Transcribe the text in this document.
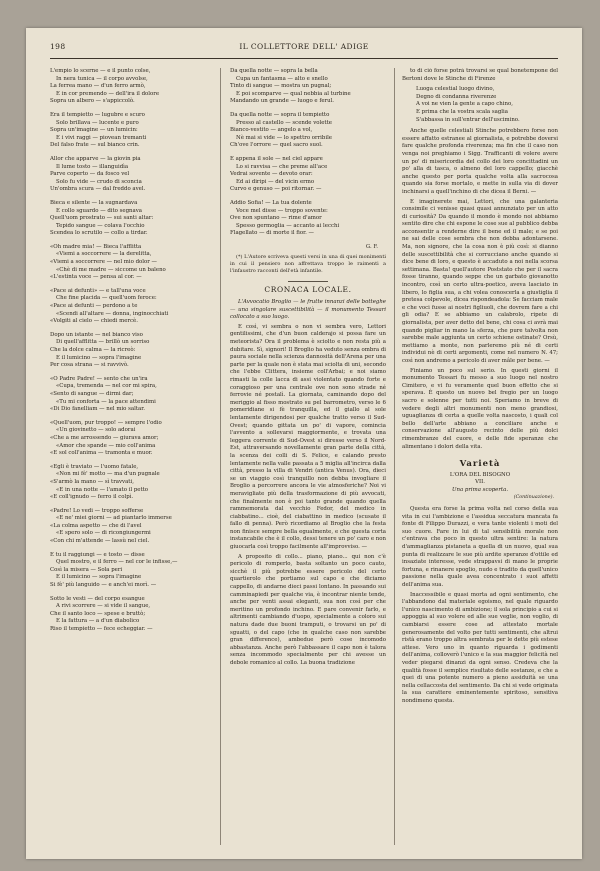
198	IL COLLETTORE DELL' ADIGE
L'empio lo scerne — e il punto colse,
In nera tunica — il corpo avvolse,
La ferrea mano — d'un ferro armò,
E in cor premendo — dell'ira il dolore
Sopra un albero — s'appiccolò.
Era il tempietto — lugubre e scuro
Solo brillava — lucente e puro
Sopra un'imagine — un lumicin:
E i vivi raggi — piovean tremanti
Del falso frate — sul bianco crin.
Allor che apparve — la giovin pia
Il lume tosto — illanguidìa
Parve coperto — da fosco vel
Solo fu vide — crudo di sconcia
Un'ombra scura — dal freddo avel.
Bieca e silente — la sugnardava
E collo sguardo — dito segnava
Quell'uom prostrato — sui santi altar:
Tepido sangue — colava l'occhio
Scendea lo scrutilo — collo a tirdar.
«Oh madre mia! — Bieca l'afflitta
«Viemi a soccorrere — la derelitta,
«Viemi a soccorrere — nel mio dolor —
«Chè di me madre — siccome un baleno
«L'estinta voce — pensa al cor. —
«Pace ai defunti» — e tall'una voce
Che fine placida — quell'uom feroce:
«Pace ai defunti — perdono a te
«Scendi all'altare — donna, inginocchiati
«Volgiti al cielo — chiedi mercè.
Dopo un istante — nel bianco viso
Di quell'afflitta — brillò un sorriso
Che la dolce calma — la ricreò:
E il lumicino — sopra l'imagine
Per cosa strana — si ravvivò.
«O Padre Padre! — sento che un'ira
«Cupa, tremenda — nel cor mi spira,
«Sento di sangue — dirmi dar;
«Tu mi conforta — la pace attendimi
«Di Dio fanelliam — nel mio saltar.
«Quell'uom, pur troppo! — sempre l'odio
«Un giovinetto — solo adorai
«Che a me arrossendo — giurava amor;
«Amor che spande — mio coll'anima
«E sol coll'anima — tramonta e muor.
«Egli è traviato — l'uomo fatale,
«Non mi fè' motto — ma d'un pugnale
«S'armò la mano — sì travvati,
«E in una notte — l'amato il petto
«E coll'ignudo — ferro il colpì.
«Padre! Lo vedi — troppo sofferse
«E ne' miei giorni — ad piantarlo immerse
«La colma aspetto — che di l'avel
«E spero solo — di ricongiungermi
«Con chi m'attende — lassù nel ciel.
E tu il raggiungi — e tosto — disse
Quel mostro, e il ferro — nel cor le infisse,—
Così la misera — Sola peri
E il lumicino — sopra l'imagine
Si fè' più languido — e anch'ei morì. —
Sotto le vesti — del corpo esangue
A rivi scorrere — si vide il sangue,
Che il santo loco — spese e bruttò;
E la fattura — a d'un diabolico
Riso il tempietto — fece echeggiar. —
Da quella notte — sopra la bella
Cupa un fantasma — alto e snello
Tinto di sangue — mostra un pugnal;
E poi scomparve — qual nebbia al turbine
Mandando un grande — luogo e ferul.
Da quella notte — sopra il tempietto
Presso al castello — scende volette
Bianco-vestito — angelo a vol,
Nè mai si vide — lo spettro orribile
Ch'ove l'orrore — quel sacro suol.
E appena il sole — nel ciel appare
Lo si ravvisa — che preme all'ace
Vedrai sovente — devoto orar:
Ed ai diripi — del vicin ermo
Curvo e genuso — poi ritornar. —
Addio Sofia! — La tua dolente
Voce mel disse — troppo sovente:
Ove non spuntano — rime d'amor
Spesso germoglia — accanto ai lecchi
Flagellato — di morte il fior. —
G. F.
(*) L'Autore scriveva questi versi in una di quei monimenti in cui il pensiero non affrettava troppo le raimenti a l'infaustro racconti dell'età infantile.
CRONACA LOCALE.
L'Avvocatio Broglio — le frutte innanzi delle botteghe — una singolare suscettibilità — il monumento Tessari collocato a suo luogo.
E così, vi sembra o non vi sembra vero, Lettori gentilissimi, che d'un buon calderajo si possa fare un meteorista? Ora il problema è sciolto e non resta più a dubitare. Sì, signori! Il Broglio ha veduto senza ombra di paura sociale nella scienza dannosità dell'Arena per una parte per la quale non è stata mai sciolta di uni, secondo che l'ebbe Clittera, insieme coll'Arbai; e noi siamo rimasti la colle lacca di assi violentato quando forte e coraggioso per una centrale ove non sono strade né ferrovie né postalì. La giornata, caminando dopo del meriggio al fisso mostrato su pel barrometro, verso le 6 pomeridiane si fè tranquilla, ed il giallo al sole lentamente dirigendosi per qualche tratto verso il Sud-Ovest; quando gittata un po' di vapore, comincia l'avvento a sollevarsi maggiormente, e trovata una leggera corrente di Sud-Ovest si diresse verso il Nord-Est, attraversando novellamente gran parte della città, la scenza dei colli di S. Felice, e calando presto lentamente nella valle passata a 5 miglia all'incirca dalla città, presso la villa di Vendri (antica Venus). Ora, dieci se un viaggio così tranquillo non debba invogliare il Broglio a percorrere ancora le vie atmosferiche? Noi vi meravigliate più della trasformazione di più avvocati, che finalmente non è poi tanto grande quando quella rammemorata dal vecchio Fedor, del medico in ciabbatino... cioè, del ciabattino in medico (scusate il fallo di penna). Però ricordiamo al Broglio che la festa non finisce sempre bella egualmente, e che questa corta instancabile che è il collo, dessi tenere un po' caro e non giuocarla così troppo facilmente all'improvviso. —
A proposito di collo... piano, piano... qui non c'è pericolo di romperlo, basta soltanto un poco cauto, sicchè il più potrebbe essere pericolo del certo quartierolo che portiamo sul capo e che diciamo cappello, di andarne dieci passi lontano. In passando sui camminapiedi per qualche via, è incontrar niente tende, anche per venti assai eleganti, sua non così per che meritino un profondo inchino. E pare convenir farlo, e altrimenti cambiando d'uopo, specialmente a coloro sui natura dade due buoni tramputi, o trovarsi un po' di sguatti, o del capo (che in qualche caso non sarebbe gran difference), ambedue però cose incomodo abbastanza. Anche però l'abbassare il capo non è talora senza incommodo specialmente per chi avesse un debole romanico al collo. La buona tradizione
to di ciò forse potrà trovarsi se qual bonetempone del Bertoni dove le Stinche di Firenze
Luoga celestial luogo divino,
Degno di condanna riverenze
A voi ne vien la gente a capo chino,
E prima che la vostra scala saglia
S'abbassa in sull'entrar dell'uscimino.
Anche quelle celestiali Stinche potrebbero forse non essere affatto estranee al giornalista, e potrebbe doversi fare qualche profonda riverenza; ma fin che il caso non venga noi preghiamo i Sigg. Trafficanti di volere avere un po' di misericordia del collo dei loro concittadini un po' alla di tasca, o almeno del loro cappello; giacchè anche questo per porta qualche volta alla sacrocosa quando sia forse mortalo, e mette in sulla via di dover inchinarsi a quell'inchino di che dicea il Berni. —
E imaginerete mai, Lettori, che una galanteria consimile ci venisse quasi quasi annunziato per un atto di curiosità? Da quando il mondo è mondo noi abbiamo sentito dire che chi espone le cose sue al pubblico debba acconsentir a renderne dire il bene ed il male; e se poi ne sai delle cose sembra che non debba adontarsene. Ma, non signore, che la cosa non è più così: si dianno delle suscettibilità che si corrucciano anche quando si dice bene di loro, e questo è accaduto a noi nella scorsa settimana. Basta! quell'autore Poststato che per il sacra fosse tiranno, quando seppe che un garbato giovanotto incontro, così un certo ultra-poetico, aveva lasciato in libero, lo figlia sua, a chi volea conoscerla a giustiglia il pretesa colpevole, dicea rispondeadola: Se facciam male e che voci fusse ai nostri figliuoli, che dovrem fare a chi gli odia? E se abbiamo un calabrolo, ripete di giornalista, per aver detto del bene, chi cosa ci avrà mai quando pigliar in mano la sferza, che pure talvolta non sarebbe male aggiunta un certo schiene ostinate? Orsù, mettiamo a monte, non parleremo più né di certi individui nè di certi argomenti, come nel numero N. 47; così non andremo a pericolo di aver mâle per bene. —
Finiamo un poco sul serio. In questi giorni il monumento Tessari fu messo a suo luogo nel nostro Cimitero, e vi fu veramente quel buon effetto che si sperava. È questo un nuovo bel fregio per un luogo sacro e solenne per tutti noi. Speriamo in breve di vedere degli altri monumenti non meno grandiosi, uguaglianza di certa a quelle volta nascosto, i quali col bello dell'arte abbiano a conciliare anche e conservazione all'augusto recinto delle più dolci rimembranze del cuore, e delle fide speranze che alimentano i dolori della vita.
Varietà
L'ORA DEL BISOGNO
VII.
Una prima scoperta.
(Continuazione).
Questa era forse la prima volta nel corso della sua vita in cui l'ambizione e l'assidua seccatura mancata fa fonte di Filippo Durazzi, e vera tante violenti i moti del suo cuore. Fare in lui di tal sensibilità morale non c'entrava che poco in questo ultra sentire: la natura d'ammaglianza pistaneta a quella di un nuovo, qual sua punta di realizzare le sue più ardite speranze d'ottile ed insaziate interesse, vede strappavsi di mano le proprie fortuna, e rinanere spoglio, nudo e tradito da quell'unico passione nella quale avea concentrato i suoi affetti dell'anima sua.
Inaccessibile e quasi morta ad ogni sentimento, che l'abbandono dal materiale egoismo, nel quale riguardo l'unico nascimento di ambizione; il sola principio a cui si appoggia al suo volere ed alle sue veglie, non voglio, di cambiarsi essere cose ad attestato mortale generosamente del volto per tutti sentimenti, che altrui ristà erano troppo altra sembrata per le dette più estese attese. Vero uno in quanto riguarda i godimenti dell'anima, colloverò l'unico e la sua maggior felicità nel veder piegarsi dinanzi da ogni senso. Credeva che la qualità fosse il semplice risultato delle sostanze, e che a quei di una potente numero a pieno assiduità se una nella cellaccosta del sentimento. Da chi si vede originata la sua carattere eminentemente spiritoso, sensitiva nondimeno questa.
